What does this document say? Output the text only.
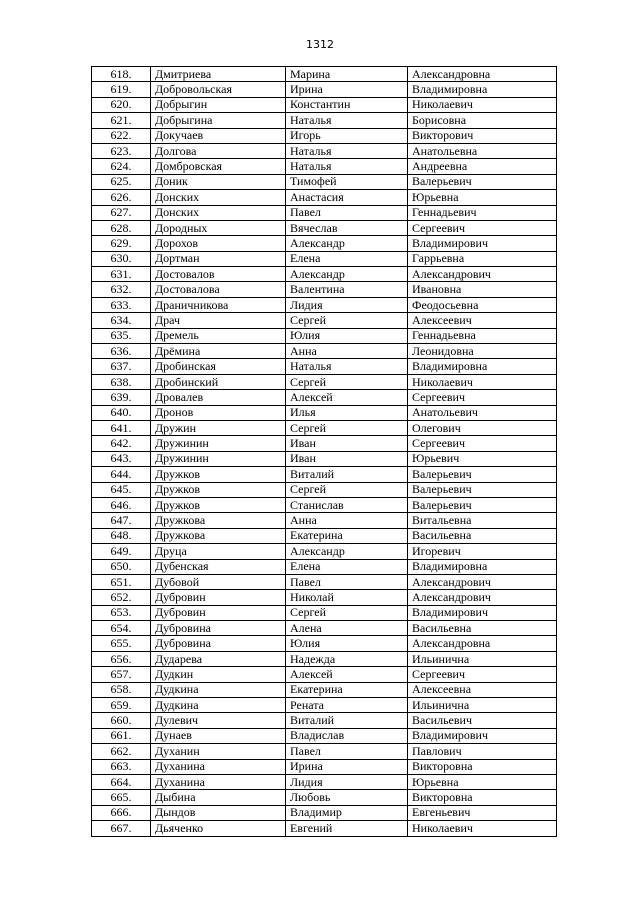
1312
618.	Дмитриева	Марина	Александровна
619.	Добровольская	Ирина	Владимировна
620.	Добрыгин	Константин	Николаевич
621.	Добрыгина	Наталья	Борисовна
622.	Докучаев	Игорь	Викторович
623.	Долгова	Наталья	Анатольевна
624.	Домбровская	Наталья	Андреевна
625.	Доник	Тимофей	Валерьевич
626.	Донских	Анастасия	Юрьевна
627.	Донских	Павел	Геннадьевич
628.	Дородных	Вячеслав	Сергеевич
629.	Дорохов	Александр	Владимирович
630.	Дортман	Елена	Гаррьевна
631.	Достовалов	Александр	Александрович
632.	Достовалова	Валентина	Ивановна
633.	Драничникова	Лидия	Феодосьевна
634.	Драч	Сергей	Алексеевич
635.	Дремель	Юлия	Геннадьевна
636.	Дрёмина	Анна	Леонидовна
637.	Дробинская	Наталья	Владимировна
638.	Дробинский	Сергей	Николаевич
639.	Дровалев	Алексей	Сергеевич
640.	Дронов	Илья	Анатольевич
641.	Дружин	Сергей	Олегович
642.	Дружинин	Иван	Сергеевич
643.	Дружинин	Иван	Юрьевич
644.	Дружков	Виталий	Валерьевич
645.	Дружков	Сергей	Валерьевич
646.	Дружков	Станислав	Валерьевич
647.	Дружкова	Анна	Витальевна
648.	Дружкова	Екатерина	Васильевна
649.	Друца	Александр	Игоревич
650.	Дубенская	Елена	Владимировна
651.	Дубовой	Павел	Александрович
652.	Дубровин	Николай	Александрович
653.	Дубровин	Сергей	Владимирович
654.	Дубровина	Алена	Васильевна
655.	Дубровина	Юлия	Александровна
656.	Дударева	Надежда	Ильинична
657.	Дудкин	Алексей	Сергеевич
658.	Дудкина	Екатерина	Алексеевна
659.	Дудкина	Рената	Ильинична
660.	Дулевич	Виталий	Васильевич
661.	Дунаев	Владислав	Владимирович
662.	Духанин	Павел	Павлович
663.	Духанина	Ирина	Викторовна
664.	Духанина	Лидия	Юрьевна
665.	Дыбина	Любовь	Викторовна
666.	Дындов	Владимир	Евгеньевич
667.	Дьяченко	Евгений	Николаевич
